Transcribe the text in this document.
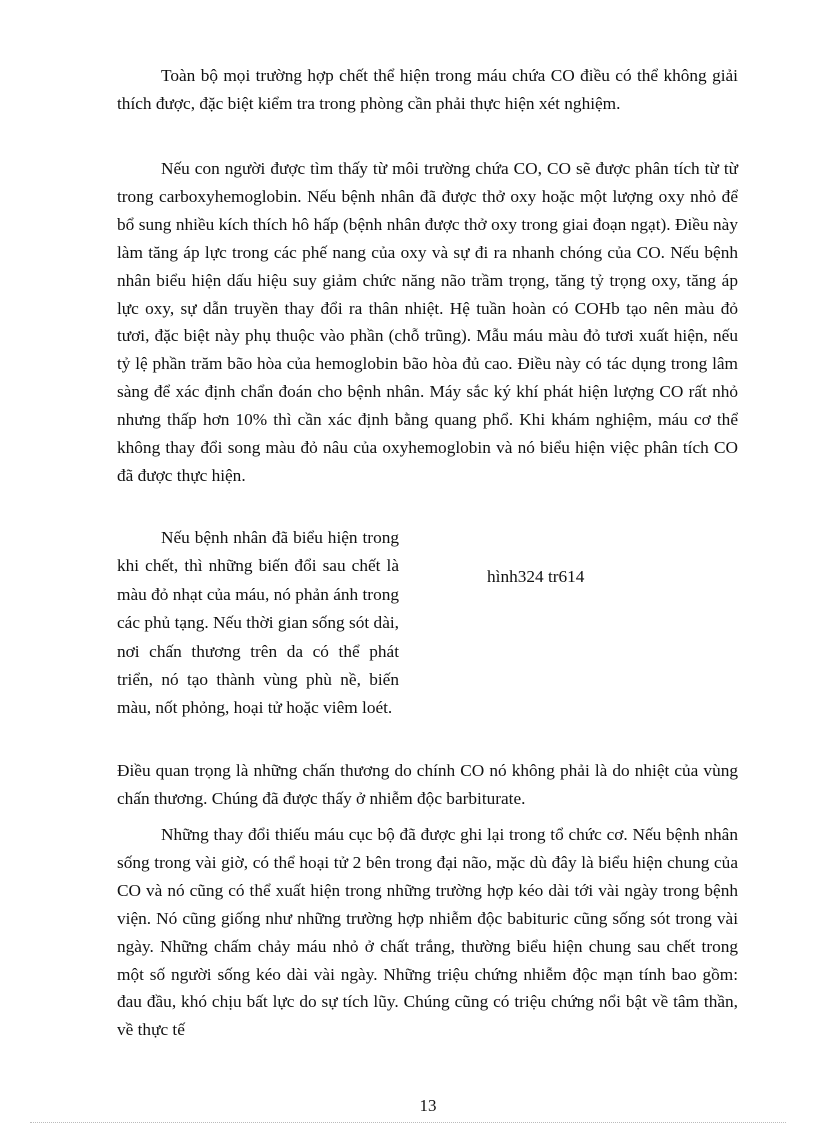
Toàn bộ mọi trường hợp chết thể hiện trong máu chứa CO điều có thể không giải thích được, đặc biệt kiểm tra trong phòng cần phải thực hiện xét nghiệm.

Nếu con người được tìm thấy từ môi trường chứa CO, CO sẽ được phân tích từ từ trong carboxyhemoglobin. Nếu bệnh nhân đã được thở oxy hoặc một lượng oxy nhỏ để bổ sung nhiều kích thích hô hấp (bệnh nhân được thở oxy trong giai đoạn ngạt). Điều này làm tăng áp lực trong các phế nang của oxy và sự đi ra nhanh chóng của CO. Nếu bệnh nhân biểu hiện dấu hiệu suy giảm chức năng não trầm trọng, tăng tỷ trọng oxy, tăng áp lực oxy, sự dẫn truyền thay đổi ra thân nhiệt. Hệ tuần hoàn có COHb tạo nên màu đỏ tươi, đặc biệt này phụ thuộc vào phần (chỗ trũng). Mẫu máu màu đỏ tươi xuất hiện, nếu tỷ lệ phần trăm bão hòa của hemoglobin bão hòa đủ cao. Điều này có tác dụng trong lâm sàng để xác định chẩn đoán cho bệnh nhân. Máy sắc ký khí phát hiện lượng CO rất nhỏ nhưng thấp hơn 10% thì cần xác định bằng quang phổ. Khi khám nghiệm, máu cơ thể không thay đổi song màu đỏ nâu của oxyhemoglobin và nó biểu hiện việc phân tích CO đã được thực hiện.

Nếu bệnh nhân đã biểu hiện trong khi chết, thì những biến đổi sau chết là màu đỏ nhạt của máu, nó phản ánh trong các phủ tạng. Nếu thời gian sống sót dài, nơi chấn thương trên da có thể phát triển, nó tạo thành vùng phù nề, biến màu, nốt phỏng, hoại tử hoặc viêm loét.

hình324 tr614

Điều quan trọng là những chấn thương do chính CO nó không phải là do nhiệt của vùng chấn thương. Chúng đã được thấy ở nhiễm độc barbiturate.

Những thay đổi thiếu máu cục bộ đã được ghi lại trong tổ chức cơ. Nếu bệnh nhân sống trong vài giờ, có thể hoại tử 2 bên trong đại não, mặc dù đây là biểu hiện chung của CO và nó cũng có thể xuất hiện trong những trường hợp kéo dài tới vài ngày trong bệnh viện. Nó cũng giống như những trường hợp nhiễm độc babituric cũng sống sót trong vài ngày. Những chấm chảy máu nhỏ ở chất trắng, thường biểu hiện chung sau chết trong một số người sống kéo dài vài ngày. Những triệu chứng nhiễm độc mạn tính bao gồm: đau đầu, khó chịu bất lực do sự tích lũy. Chúng cũng có triệu chứng nổi bật về tâm thần, về thực tế

13
